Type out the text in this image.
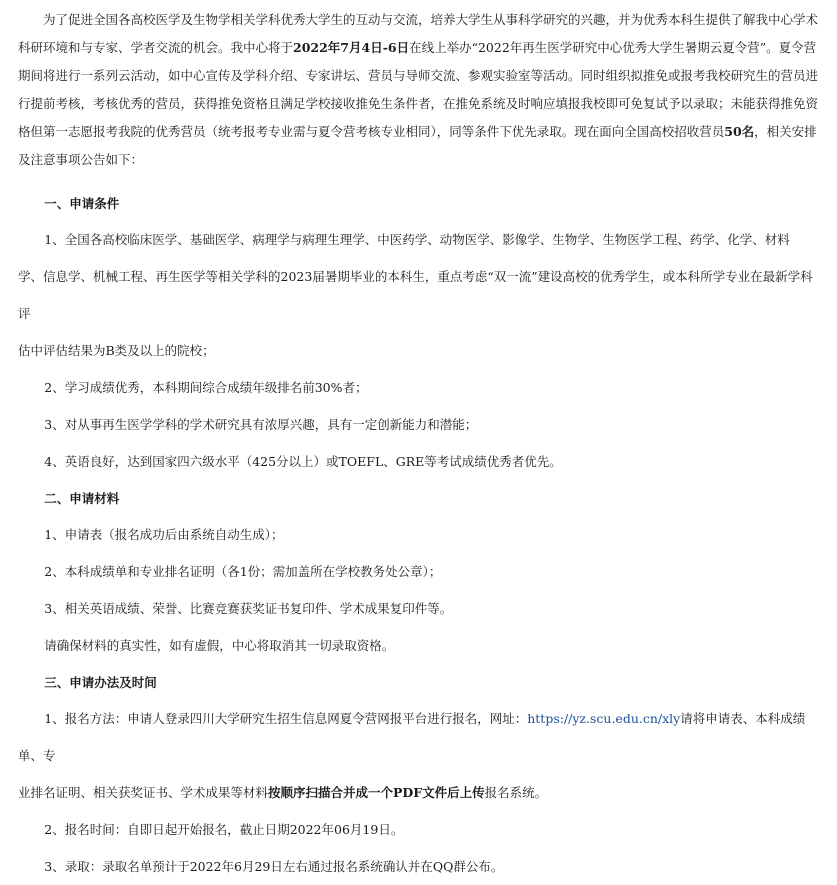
为了促进全国各高校医学及生物学相关学科优秀大学生的互动与交流，培养大学生从事科学研究的兴趣，并为优秀本科生提供了解我中心学术科研环境和与专家、学者交流的机会。我中心将于2022年7月4日-6日在线上举办“2022年再生医学研究中心优秀大学生暑期云夏令营”。夏令营期间将进行一系列云活动，如中心宣传及学科介绍、专家讲坛、营员与导师交流、参观实验室等活动。同时组织拟推免或报考我校研究生的营员进行提前考核，考核优秀的营员，获得推免资格且满足学校接收推免生条件者，在推免系统及时响应填报我校即可免复试予以录取；未能获得推免资格但第一志愿报考我院的优秀营员（统考报考专业需与夏令营考核专业相同），同等条件下优先录取。现在面向全国高校招收营员50名，相关安排及注意事项公告如下：

一、申请条件

1、全国各高校临床医学、基础医学、病理学与病理生理学、中医药学、动物医学、影像学、生物学、生物医学工程、药学、化学、材料

学、信息学、机械工程、再生医学等相关学科的2023届暑期毕业的本科生，重点考虑“双一流”建设高校的优秀学生，或本科所学专业在最新学科评

估中评估结果为B类及以上的院校；

2、学习成绩优秀，本科期间综合成绩年级排名前30%者；

3、对从事再生医学学科的学术研究具有浓厚兴趣，具有一定创新能力和潜能；

4、英语良好，达到国家四六级水平（425分以上）或TOEFL、GRE等考试成绩优秀者优先。

二、申请材料

1、申请表（报名成功后由系统自动生成）；

2、本科成绩单和专业排名证明（各1份；需加盖所在学校教务处公章）；

3、相关英语成绩、荣誉、比赛竞赛获奖证书复印件、学术成果复印件等。

请确保材料的真实性，如有虚假，中心将取消其一切录取资格。

三、申请办法及时间

1、报名方法：申请人登录四川大学研究生招生信息网夏令营网报平台进行报名，网址：https://yz.scu.edu.cn/xly请将申请表、本科成绩单、专

业排名证明、相关获奖证书、学术成果等材料按顺序扫描合并成一个PDF文件后上传报名系统。

2、报名时间：自即日起开始报名，截止日期2022年06月19日。

3、录取：录取名单预计于2022年6月29日左右通过报名系统确认并在QQ群公布。
